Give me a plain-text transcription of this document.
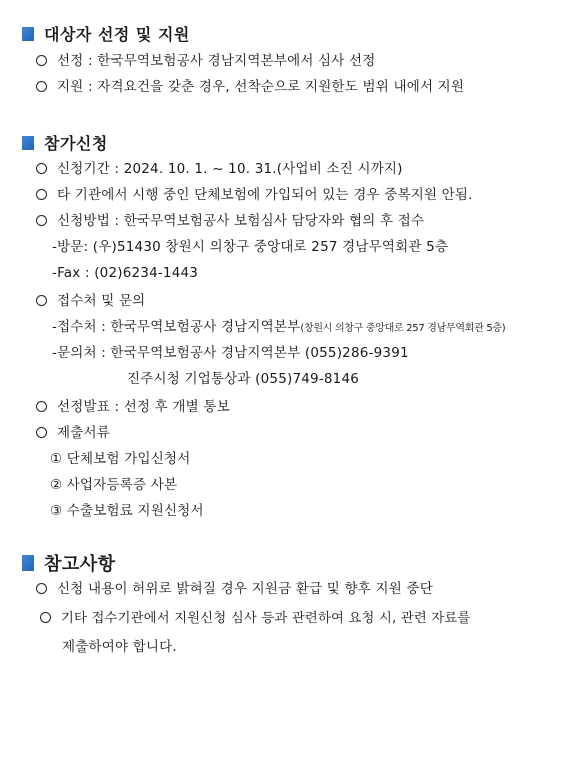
대상자 선정 및 지원
선정 : 한국무역보험공사 경남지역본부에서 심사 선정
지원 : 자격요건을 갖춘 경우, 선착순으로 지원한도 범위 내에서 지원
참가신청
신청기간 : 2024. 10. 1. ~ 10. 31.(사업비 소진 시까지)
타 기관에서 시행 중인 단체보험에 가입되어 있는 경우 중복지원 안됨.
신청방법 : 한국무역보험공사 보험심사 담당자와 협의 후 접수
-방문: (우)51430 창원시 의창구 중앙대로 257 경남무역회관 5층
-Fax : (02)6234-1443
접수처 및 문의
-접수처 : 한국무역보험공사 경남지역본부(창원시 의창구 중앙대로 257 경남무역회관 5층)
-문의처 : 한국무역보험공사 경남지역본부 (055)286-9391
진주시청 기업통상과 (055)749-8146
선정발표 : 선정 후 개별 통보
제출서류
① 단체보험 가입신청서
② 사업자등록증 사본
③ 수출보험료 지원신청서
참고사항
신청 내용이 허위로 밝혀질 경우 지원금 환급 및 향후 지원 중단
기타 접수기관에서 지원신청 심사 등과 관련하여 요청 시, 관련 자료를
제출하여야 합니다.
